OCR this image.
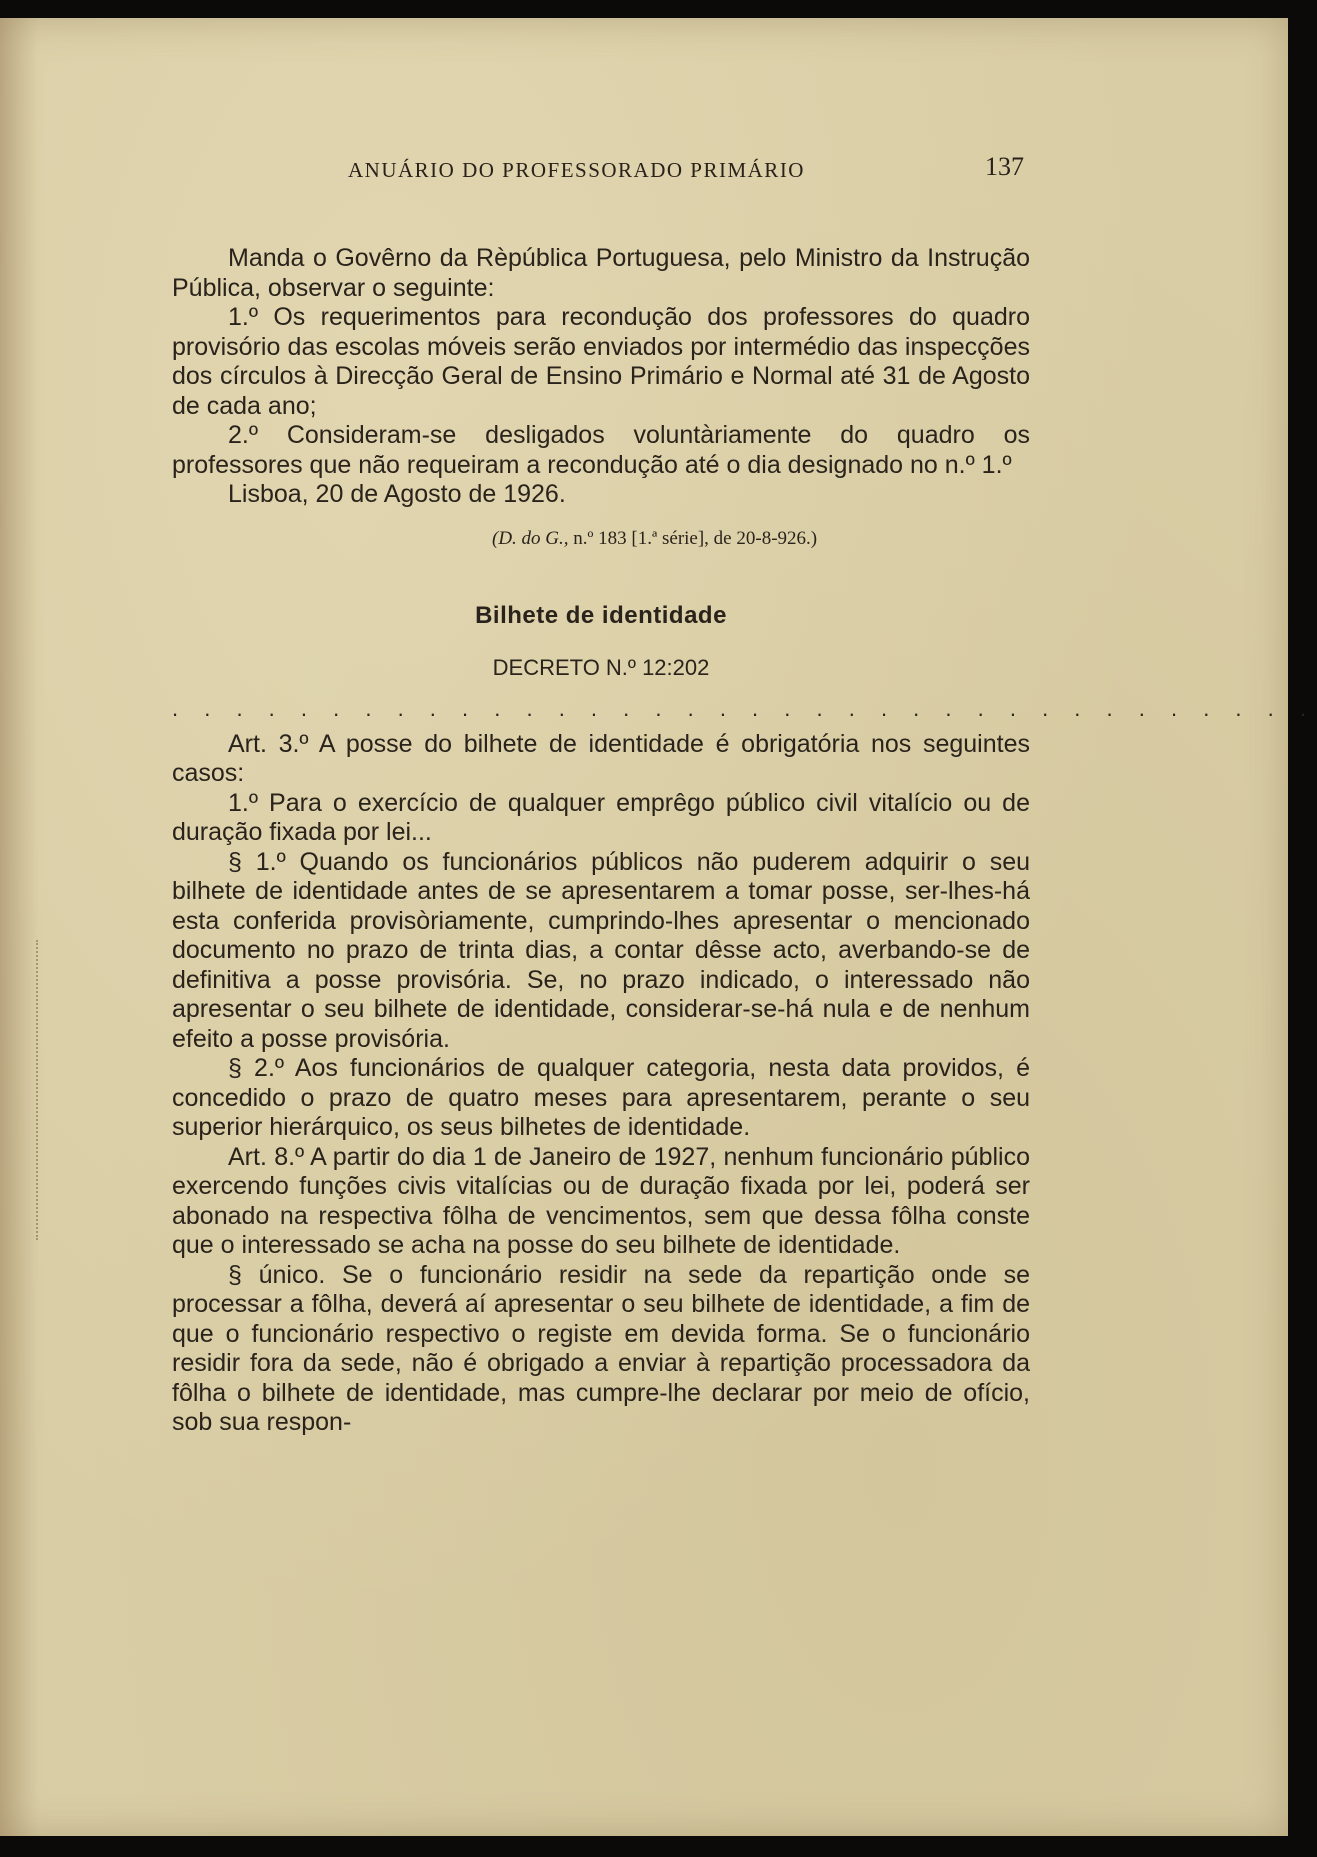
ANUÁRIO DO PROFESSORADO PRIMÁRIO	137

Manda o Govêrno da Rèpública Portuguesa, pelo Ministro da Instrução Pública, observar o seguinte:

1.º Os requerimentos para recondução dos professores do quadro provisório das escolas móveis serão enviados por intermédio das inspecções dos círculos à Direcção Geral de Ensino Primário e Normal até 31 de Agosto de cada ano;

2.º Consideram-se desligados voluntàriamente do quadro os professores que não requeiram a recondução até o dia designado no n.º 1.º

Lisboa, 20 de Agosto de 1926.

(D. do G., n.º 183 [1.ª série], de 20-8-926.)

Bilhete de identidade

DECRETO N.º 12:202

. . . . . . . . . . . . . . . . . . . . . . . . . . . . . . . . . . . .

Art. 3.º A posse do bilhete de identidade é obrigatória nos seguintes casos:

1.º Para o exercício de qualquer emprêgo público civil vitalício ou de duração fixada por lei...

§ 1.º Quando os funcionários públicos não puderem adquirir o seu bilhete de identidade antes de se apresentarem a tomar posse, ser-lhes-há esta conferida provisòriamente, cumprindo-lhes apresentar o mencionado documento no prazo de trinta dias, a contar dêsse acto, averbando-se de definitiva a posse provisória. Se, no prazo indicado, o interessado não apresentar o seu bilhete de identidade, considerar-se-há nula e de nenhum efeito a posse provisória.

§ 2.º Aos funcionários de qualquer categoria, nesta data providos, é concedido o prazo de quatro meses para apresentarem, perante o seu superior hierárquico, os seus bilhetes de identidade.

Art. 8.º A partir do dia 1 de Janeiro de 1927, nenhum funcionário público exercendo funções civis vitalícias ou de duração fixada por lei, poderá ser abonado na respectiva fôlha de vencimentos, sem que dessa fôlha conste que o interessado se acha na posse do seu bilhete de identidade.

§ único. Se o funcionário residir na sede da repartição onde se processar a fôlha, deverá aí apresentar o seu bilhete de identidade, a fim de que o funcionário respectivo o registe em devida forma. Se o funcionário residir fora da sede, não é obrigado a enviar à repartição processadora da fôlha o bilhete de identidade, mas cumpre-lhe declarar por meio de ofício, sob sua respon-
